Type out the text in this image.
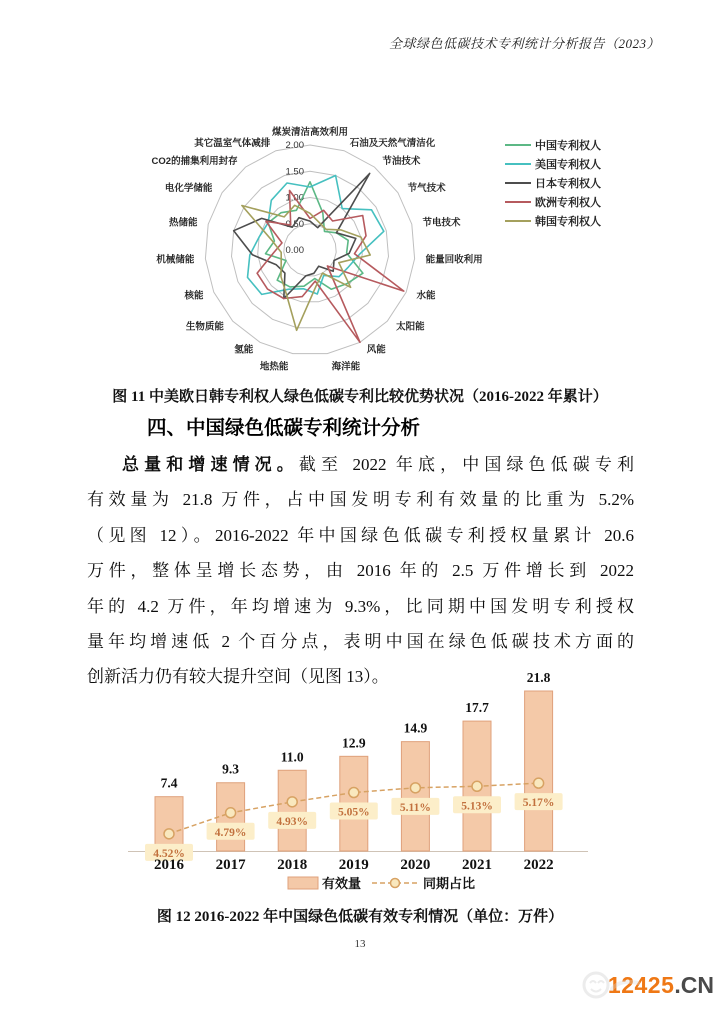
全球绿色低碳技术专利统计分析报告（2023）
2.00
1.50
1.00
0.50
0.00
煤炭清洁高效利用
石油及天然气清洁化
节油技术
节气技术
节电技术
能量回收利用
水能
太阳能
风能
海洋能
地热能
氢能
生物质能
核能
机械储能
热储能
电化学储能
CO2的捕集利用封存
其它温室气体减排	中国专利权人
美国专利权人
日本专利权人
欧洲专利权人
韩国专利权人
图 11 中美欧日韩专利权人绿色低碳专利比较优势状况（2016-2022 年累计）
四、中国绿色低碳专利统计分析
总量和增速情况。截至 2022 年底，中国绿色低碳专利
有效量为 21.8 万件，占中国发明专利有效量的比重为 5.2%
（见图 12）。2016-2022 年中国绿色低碳专利授权量累计 20.6
万件，整体呈增长态势，由 2016 年的 2.5 万件增长到 2022
年的 4.2 万件，年均增速为 9.3%，比同期中国发明专利授权
量年均增速低 2 个百分点，表明中国在绿色低碳技术方面的
创新活力仍有较大提升空间（见图 13）。
7.4
9.3
11.0
12.9
14.9
17.7
21.8
4.52%
4.79%
4.93%
5.05%	5.11%	5.13%	5.17%
2016 2017 2018 2019 2020 2021 2022
有效量	同期占比
图 12 2016-2022 年中国绿色低碳有效专利情况（单位：万件）
13
12425 .CN
